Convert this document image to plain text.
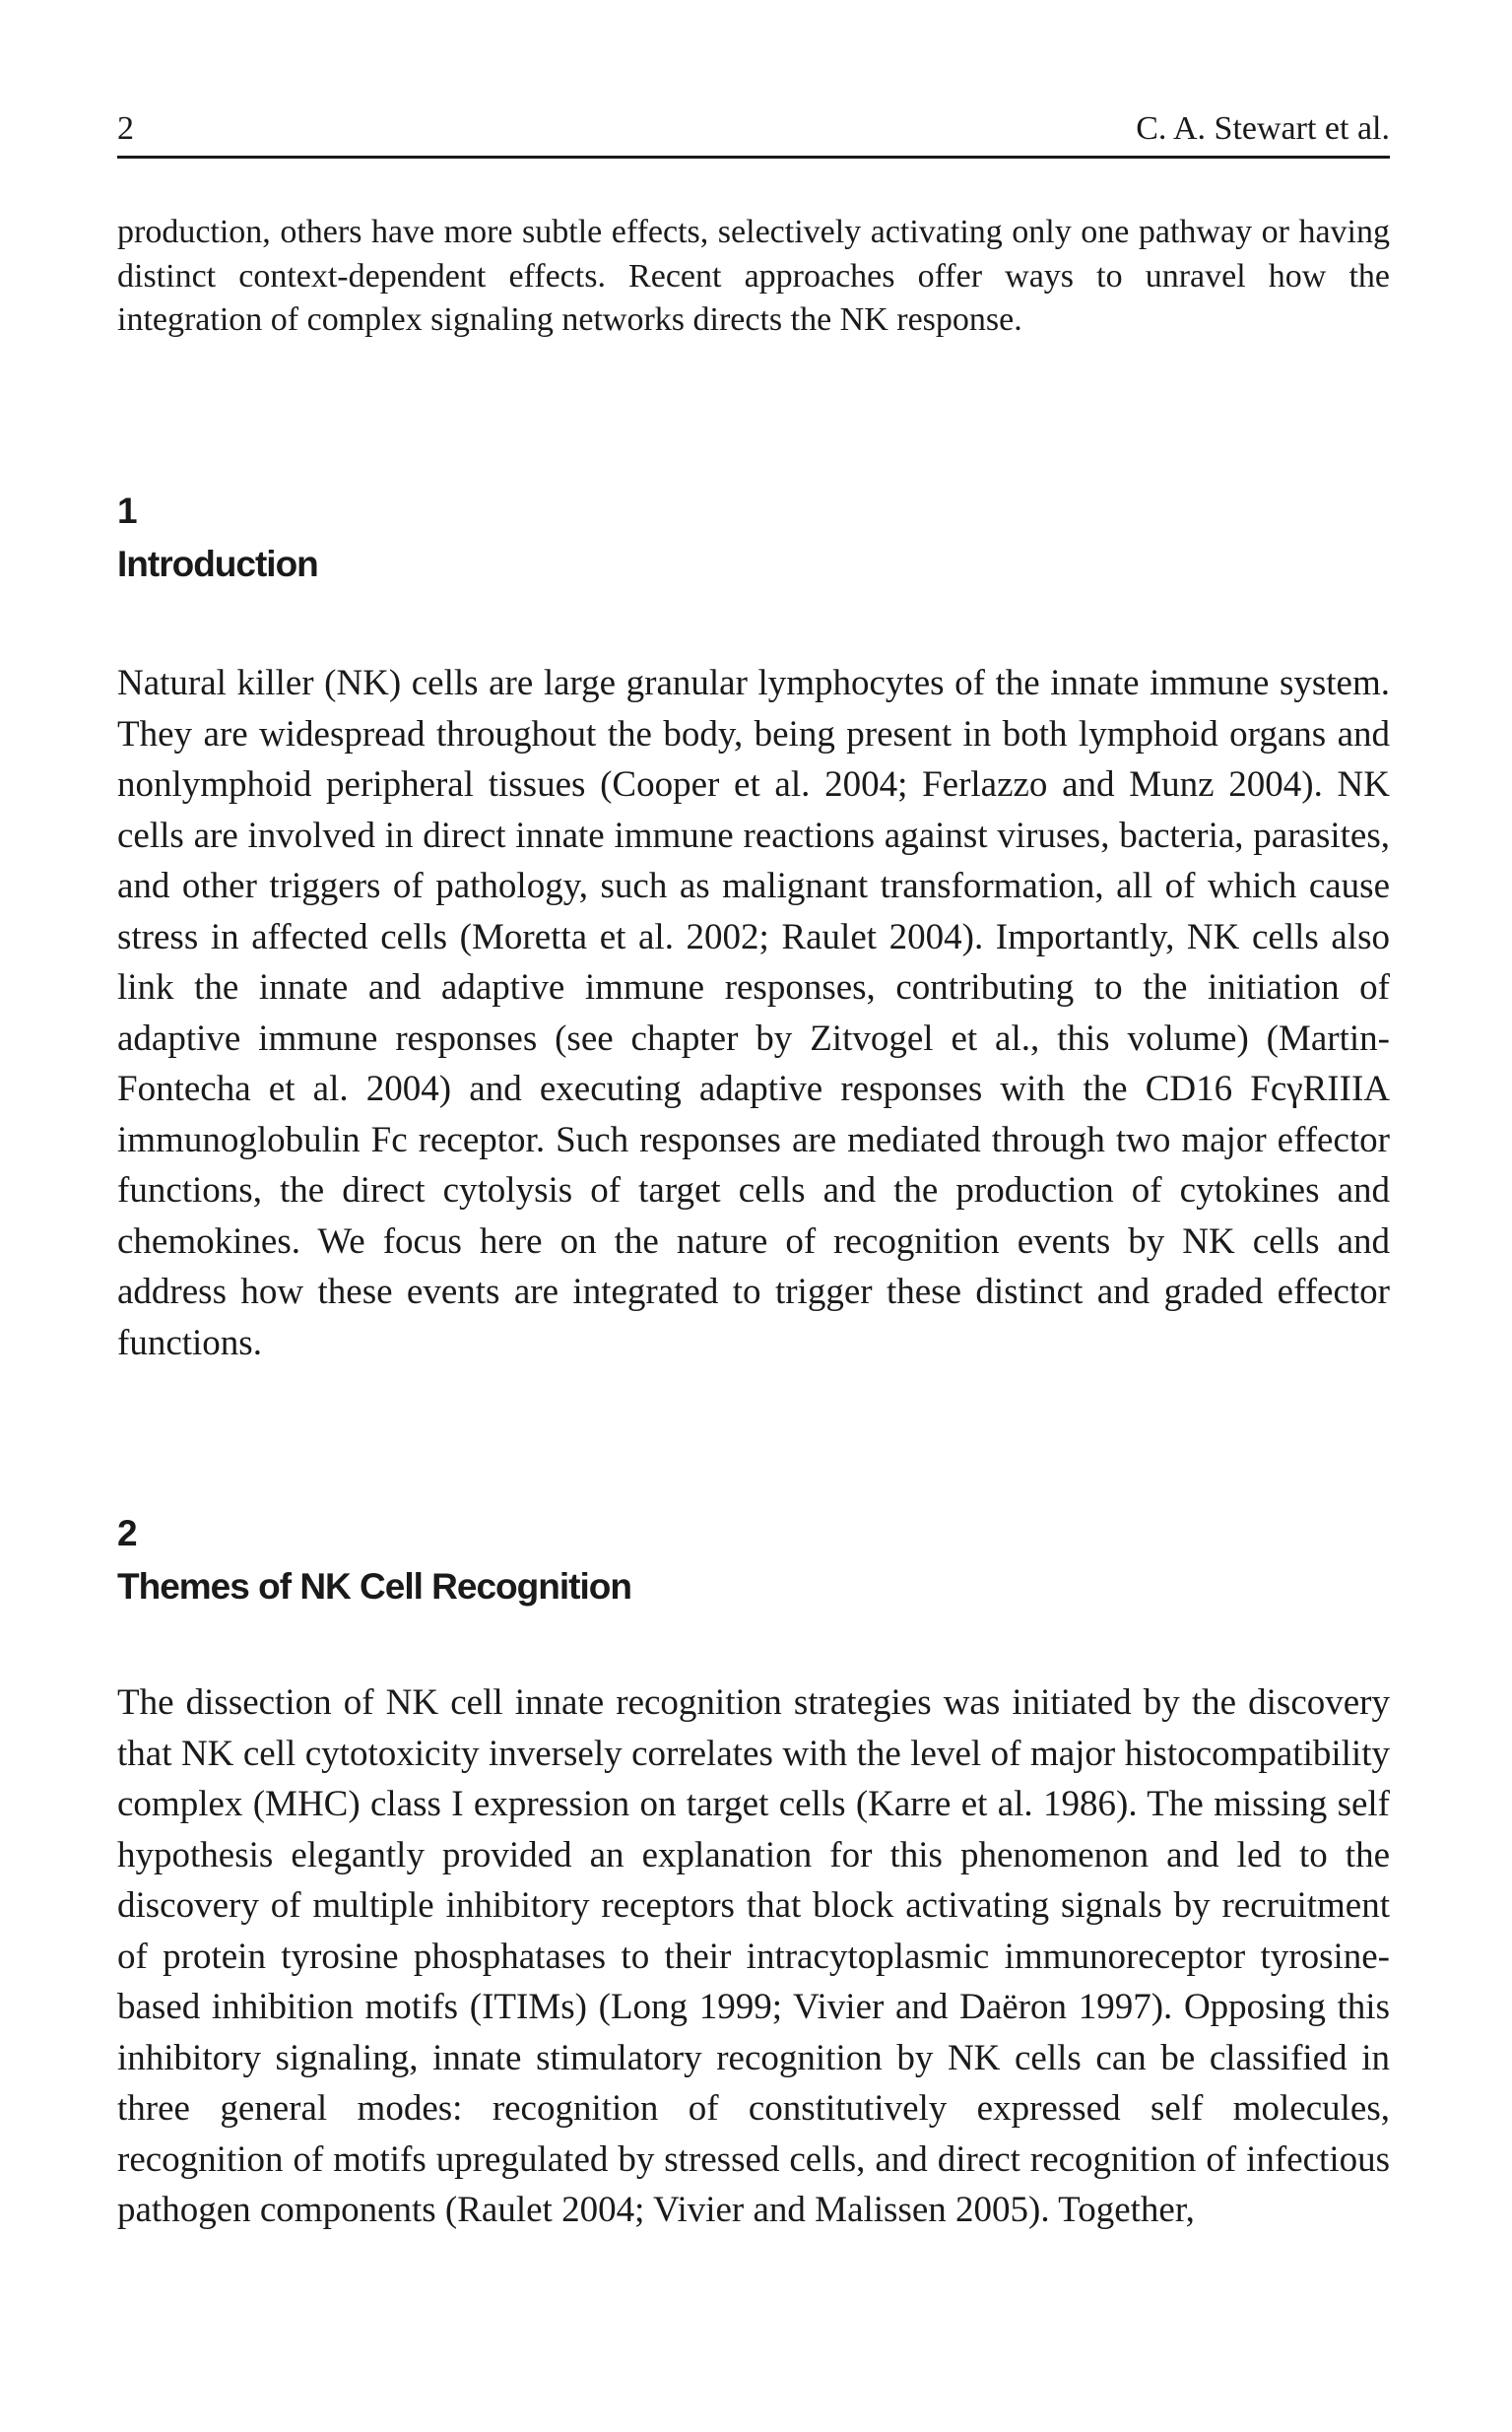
2	C. A. Stewart et al.

production, others have more subtle effects, selectively activating only one pathway or having distinct context-dependent effects. Recent approaches offer ways to unravel how the integration of complex signaling networks directs the NK response.

1
Introduction

Natural killer (NK) cells are large granular lymphocytes of the innate immune system. They are widespread throughout the body, being present in both lymphoid organs and nonlymphoid peripheral tissues (Cooper et al. 2004; Ferlazzo and Munz 2004). NK cells are involved in direct innate immune reactions against viruses, bacteria, parasites, and other triggers of pathology, such as malignant transformation, all of which cause stress in affected cells (Moretta et al. 2002; Raulet 2004). Importantly, NK cells also link the innate and adaptive immune responses, contributing to the initiation of adaptive immune responses (see chapter by Zitvogel et al., this volume) (Martin-Fontecha et al. 2004) and executing adaptive responses with the CD16 FcγRIIIA immunoglobulin Fc receptor. Such responses are mediated through two major effector functions, the direct cytolysis of target cells and the production of cytokines and chemokines. We focus here on the nature of recognition events by NK cells and address how these events are integrated to trigger these distinct and graded effector functions.

2
Themes of NK Cell Recognition

The dissection of NK cell innate recognition strategies was initiated by the discovery that NK cell cytotoxicity inversely correlates with the level of major histocompatibility complex (MHC) class I expression on target cells (Karre et al. 1986). The missing self hypothesis elegantly provided an explanation for this phenomenon and led to the discovery of multiple inhibitory receptors that block activating signals by recruitment of protein tyrosine phosphatases to their intracytoplasmic immunoreceptor tyrosine-based inhibition motifs (ITIMs) (Long 1999; Vivier and Daëron 1997). Opposing this inhibitory signaling, innate stimulatory recognition by NK cells can be classified in three general modes: recognition of constitutively expressed self molecules, recognition of motifs upregulated by stressed cells, and direct recognition of infectious pathogen components (Raulet 2004; Vivier and Malissen 2005). Together,
